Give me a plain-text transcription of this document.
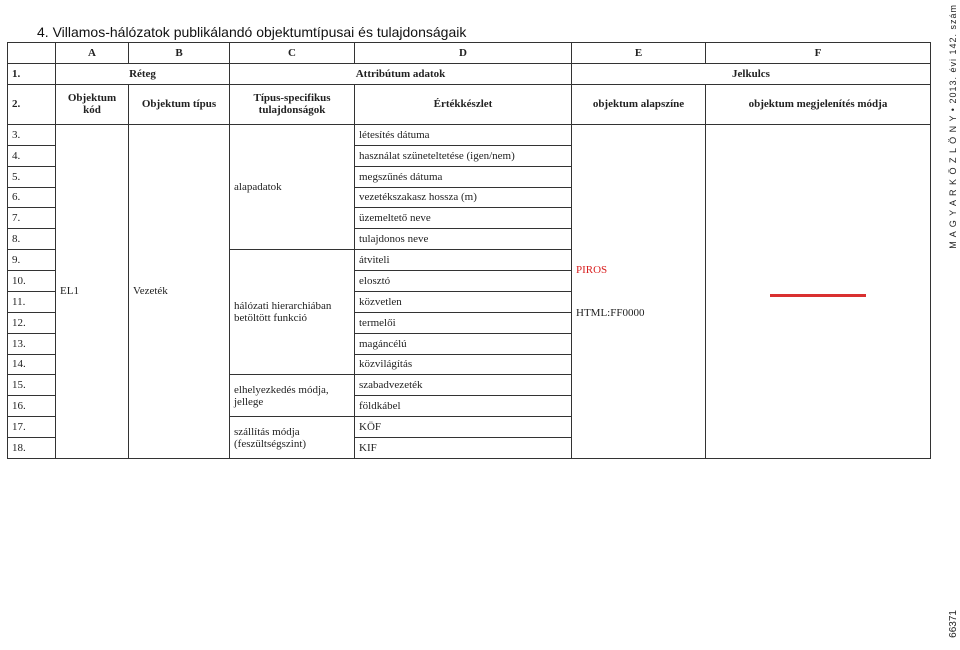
4. Villamos-hálózatok publikálandó objektumtípusai és tulajdonságaik
	A	B	C	D	E	F
1.	Réteg		Attribútum adatok		Jelkulcs	
2.	Objektum kód	Objektum típus	Típus-specifikus tulajdonságok	Értékkészlet	objektum alapszíne	objektum megjelenítés módja
3.	EL1	Vezeték	alapadatok	létesítés dátuma	PIROS
HTML:FF0000	

4.				használat szüneteltetése (igen/nem)		
5.				megszűnés dátuma		
6.				vezetékszakasz hossza (m)		
7.				üzemeltető neve		
8.				tulajdonos neve		
9.			hálózati hierarchiában betöltött funkció	átviteli		
10.				elosztó		
11.				közvetlen		
12.				termelői		
13.				magáncélú		
14.				közvilágítás		
15.			elhelyezkedés módja, jellege	szabadvezeték		
16.				földkábel		
17.			szállítás módja (feszültségszint)	KÖF		
18.				KIF		
M A G Y A R K Ö Z L Ö N Y • 2013. évi 142. szám
66371
